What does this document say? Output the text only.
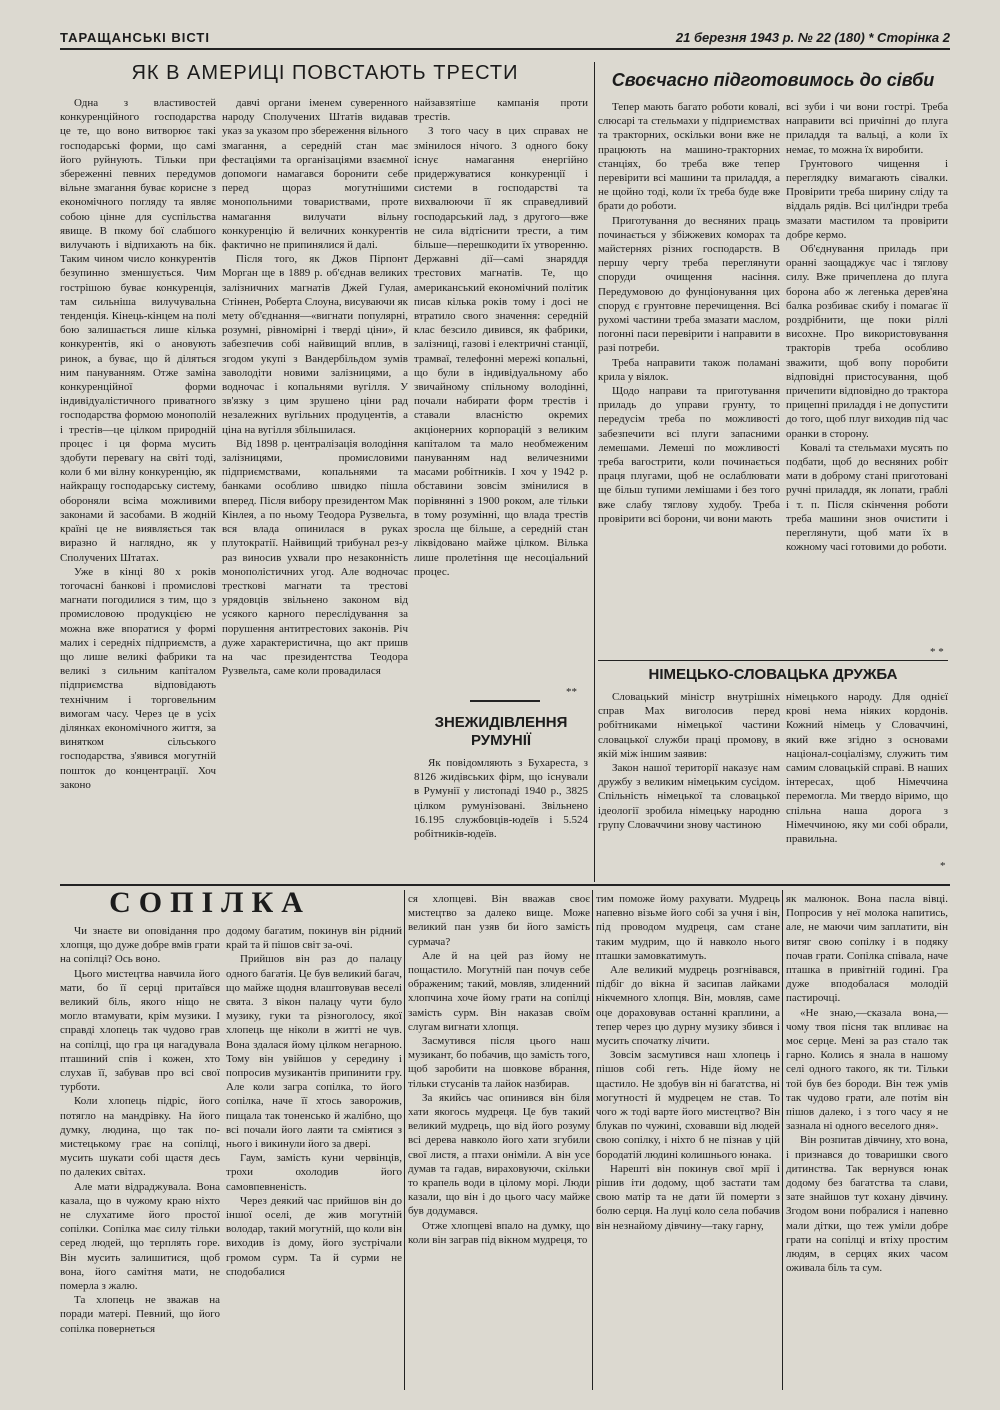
ТАРАЩАНСЬКІ ВІСТІ	21 березня 1943 р. № 22 (180) * Сторінка 2
ЯК В АМЕРИЦІ ПОВСТАЮТЬ ТРЕСТИ

Одна з властивостей конкуренційного господарства це те, що воно витворює такі господарські форми, що самі його руйнують. Тільки при збереженні певних передумов вільне змагання буває корисне з економічного погляду та являє собою цінне для суспільства явище. В пкому бої слабшого вилучають і відпихають на бік. Таким чином число конкурентів безупинно зменшується. Чим гострішою буває конкуренція, там сильніша вилучувальна тенденція. Кінець-кінцем на полі бою залишається лише кілька конкурентів, які о ановують ринок, а буває, що й діляться ним пануванням. Отже заміна конкуренційної форми індивідуалістичного приватного господарства формою монополій і трестів—це цілком природній процес і ця форма мусить здобути перевагу на світі тоді, коли б ми вілну конкуренцію, як найкращу господарську систему, обороняли всіма можливими законами й засобами. В жодній країні це не виявляється так виразно й наглядно, як у Сполучених Штатах.

Уже в кінці 80 х років тогочасні банкові і промислові магнати погодилися з тим, що з промисловою продукцією не можна вже впоратися у формі малих і середніх підприємств, а що лише великі фабрики та великі з сильним капіталом підприємства відповідають технічним і торговельним вимогам часу. Через це в усіх ділянках економічного життя, за винятком сільського господарства, з'явився могутній пошток до концентрації. Хоч законо

давчі органи іменем суверенного народу Сполучених Штатів видавав указ за указом про збереження вільного змагання, а середній стан має фестаціями та організаціями взаємної допомоги намагався боронити себе перед щораз могутнішими монопольними товариствами, проте намагання вилучати вільну конкуренцію й величних конкурентів фактично не припинялися й далі.

Після того, як Джов Пірпонт Морган ще в 1889 р. об'єднав великих залізничних магнатів Джей Гулая, Стіннен, Роберта Слоуна, висуваючи як мету об'єднання—«вигнати популярні, розумні, рівномірні і тверді ціни», й забезпечив собі найвищий вплив, в згодом укупі з Вандербільдом зумів заволодіти новими залізницями, а водночас і копальнями вугілля. У зв'язку з цим зрушено ціни рад незалежних вугільних продуцентів, а ціна на вугілля збільшилася.

Від 1898 р. централізація володіння залізницями, промисловими підприємствами, копальнями та банками особливо швидко пішла вперед. Після вибору президентом Мак Кінлея, а по ньому Теодора Рузвельта, вся влада опинилася в руках плутократії. Найвищий трибунал рез-у раз виносив ухвали про незаконність монополістичних угод. Але водночас тресткові магнати та трестові урядовців звільнено законом від усякого карного переслідування за порушення антитрестових законів. Річ дуже характеристична, що акт пришв на час президентства Теодора Рузвельта, саме коли провадилася

найзавзятіше кампанія проти трестів.

З того часу в цих справах не змінилося нічого. З одного боку існує намагання енергійно придержуватися конкуренції і системи в господарстві та вихвалюючи її як справедливий господарський лад, з другого—вже не сила відтіснити трести, а тим більше—перешкодити їх утворенню. Державні дії—самі знаряддя трестових магнатів. Те, що американський економічний політик писав кілька років тому і досі не втратило свого значення: середній клас безсило дивився, як фабрики, залізниці, газові і електричні станції, трамваї, телефонні мережі копальні, що були в індивідуальному або звичайному спільному володінні, почали набирати форм трестів і ставали власністю окремих акціонерних корпорацій з великим капіталом та мало необмеженим пануванням над величезними масами робітників. І хоч у 1942 р. обставини зовсім змінилися в порівнянні з 1900 роком, але тільки в тому розумінні, що влада трестів зросла ще більше, а середній стан ліквідовано майже цілком. Вілька лише пролетіння ще несоціальний процес.

**
ЗНЕЖИДІВЛЕННЯ
РУМУНІЇ

Як повідомляють з Бухареста, з 8126 жидівських фірм, що існували в Румунії у листопаді 1940 р., 3825 цілком румунізовані. Звільнено 16.195 службовців-юдеїв і 5.524 робітників-юдеїв.

Своєчасно підготовимось до сівби

Тепер мають багато роботи ковалі, слюсарі та стельмахи у підприємствах та тракторних, оскільки вони вже не працюють на машино-тракторних станціях, бо треба вже тепер перевірити всі машини та приладдя, а не щойно тоді, коли їх треба буде вже брати до роботи.

Приготування до весняних праць починається у збіжжевих коморах та майстернях різних господарств. В першу чергу треба переглянути споруди очищення насіння. Передумовою до фунціонування цих споруд є грунтовне перечищення. Всі рухомі частини треба змазати маслом, погонні паси перевірити і направити в разі потреби.

Треба направити також поламані крила у віялок.

Щодо направи та приготування приладь до управи грунту, то передусім треба по можливості забезпечити всі плуги запасними лемешами. Лемеші по можливості треба вагострити, коли починається праця плугами, щоб не ослаблювати ще більш тупими лемішами і без того вже слабу тяглову худобу. Треба провірити всі борони, чи вони мають

всі зуби і чи вони гострі. Треба направити всі причіпні до плуга приладдя та вальці, а коли їх немає, то можна їх виробити.

Грунтового чищення і переглядку вимагають сівалки. Провірити треба ширину сліду та віддаль рядів. Всі цил'індри треба змазати мастилом та провірити добре кермо.

Об'єднування приладь при оранні заощаджує час і тяглову силу. Вже причеплена до плуга борона або ж легенька дерев'яна балка розбиває скибу і помагає її роздрібнити, ще поки ріллі висохне. Про використовування тракторів треба особливо зважити, щоб вопу поробити відповідні пристосування, щоб причепити відповідно до трактора прицепні приладдя і не допустити до того, щоб плуг виходив під час оранки в сторону.

Ковалі та стельмахи мусять по подбати, щоб до весняних робіт мати в доброму стані приготовані ручні приладдя, як лопати, граблі і т. п. Після скінчення роботи треба машини знов очистити і переглянути, щоб мати їх в кожному часі готовими до роботи.

* *
НІМЕЦЬКО-СЛОВАЦЬКА ДРУЖБА

Словацький міністр внутрішніх справ Мах виголосив перед робітниками німецької частини словацької служби праці промову, в якій між іншим заявив:

Закон нашої території наказує нам дружбу з великим німецьким сусідом. Спільність німецької та словацької ідеології зробила німецьку народню групу Словаччини знову частиною

німецького народу. Для однієї крові нема ніяких кордонів. Кожний німець у Словаччині, який вже згідно з основами націонал-соціалізму, служить тим самим словацькій справі. В наших інтересах, щоб Німеччина перемогла. Ми твердо віримо, що спільна наша дорога з Німеччиною, яку ми собі обрали, правильна.

*
СОПІЛКА

Чи знаєте ви оповідання про хлопця, що дуже добре вмів грати на сопілці? Ось воно.

Цього мистецтва навчила його мати, бо її серці притаївся великий біль, якого ніщо не могло втамувати, крім музики. І справді хлопець так чудово грав на сопілці, що гра ця нагадувала пташиний спів і кожен, хто слухав її, забував про всі свої турботи.

Коли хлопець підріс, його потягло на мандрівку. На його думку, людина, що так по-мистецькому грає на сопілці, мусить шукати собі щастя десь по далеких світах.

Але мати відраджувала. Вона казала, що в чужому краю ніхто не слухатиме його простої сопілки. Сопілка має силу тільки серед людей, що терплять горе. Він мусить залишитися, щоб вона, його самітня мати, не померла з жалю.

Та хлопець не зважав на поради матері. Певний, що його сопілка повернеться

додому багатим, покинув він рідний край та й пішов світ за-очі.

Прийшов він раз до палацу одного багатія. Це був великий багач, що майже щодня влаштовував веселі свята. З вікон палацу чути було музику, гуки та різноголосу, якої хлопець ще ніколи в житті не чув. Вона здалася йому цілком негарною. Тому він увійшов у середину і попросив музикантів припинити гру. Але коли загра сопілка, то його сопілка, наче її хтось заворожив, пищала так тоненсько й жалібно, що всі почали його лаяти та сміятися з нього і викинули його за двері.

Гаум, замість куни червінців, трохи охолодив його самовпевненість.

Через деякий час прийшов він до іншої оселі, де жив могутній володар, такий могутній, що коли він виходив із дому, його зустрічали громом сурм. Та й сурми не сподобалися

ся хлопцеві. Він вважав своє мистецтво за далеко вище. Може великий пан узяв би його замість сурмача?

Але й на цей раз йому не пощастило. Могутній пан почув себе ображеним; такий, мовляв, злиденний хлопчина хоче йому грати на сопілці замість сурм. Він наказав своїм слугам вигнати хлопця.

Засмутився після цього наш музикант, бо побачив, що замість того, щоб заробити на шовкове вбрання, тільки стусанів та лайок назбирав.

За якийсь час опинився він біля хати якогось мудреця. Це був такий великий мудрець, що від його розуму всі дерева навколо його хати згубили свої листя, а птахи оніміли. А він усе думав та гадав, вираховуючи, скільки то крапель води в цілому морі. Люди казали, що він і до цього часу майже був додумався.

Отже хлопцеві впало на думку, що коли він заграв під вікном мудреця, то

тим поможе йому рахувати. Мудрець напевно візьме його собі за учня і він, під проводом мудреця, сам стане таким мудрим, що й навколо нього пташки замовкатимуть.

Але великий мудрець розгнівався, підбіг до вікна й засипав лайками нікчемного хлопця. Він, мовляв, саме оце дораховував останні краплини, а тепер через цю дурну музику збився і мусить спочатку лічити.

Зовсім засмутився наш хлопець і пішов собі геть. Ніде йому не щастило. Не здобув він ні багатства, ні могутності й мудрецем не став. То чого ж тоді варте його мистецтво? Він блукав по чужині, сховавши від людей свою сопілку, і ніхто б не пізнав у цій бородатій людині колишнього юнака.

Нарешті він покинув свої мрії і рішив іти додому, щоб застати там свою матір та не дати їй померти з болю серця. На луці коло села побачив він незнайому дівчину—таку гарну,

як малюнок. Вона пасла вівці. Попросив у неї молока напитись, але, не маючи чим заплатити, він витяг свою сопілку і в подяку почав грати. Сопілка співала, наче пташка в привітній годині. Гра дуже вподобалася молодій пастирочці.

«Не знаю,—сказала вона,—чому твоя пісня так впливає на моє серце. Мені за раз стало так гарно. Колись я знала в нашому селі одного такого, як ти. Тільки той був без бороди. Він теж умів так чудово грати, але потім він пішов далеко, і з того часу я не зазнала ні одного веселого дня».

Він розпитав дівчину, хто вона, і признався до товаришки свого дитинства. Так вернувся юнак додому без багатства та слави, зате знайшов тут кохану дівчину. Згодом вони побралися і напевно мали дітки, що теж уміли добре грати на сопілці и втіху простим людям, в серцях яких часом оживала біль та сум.
